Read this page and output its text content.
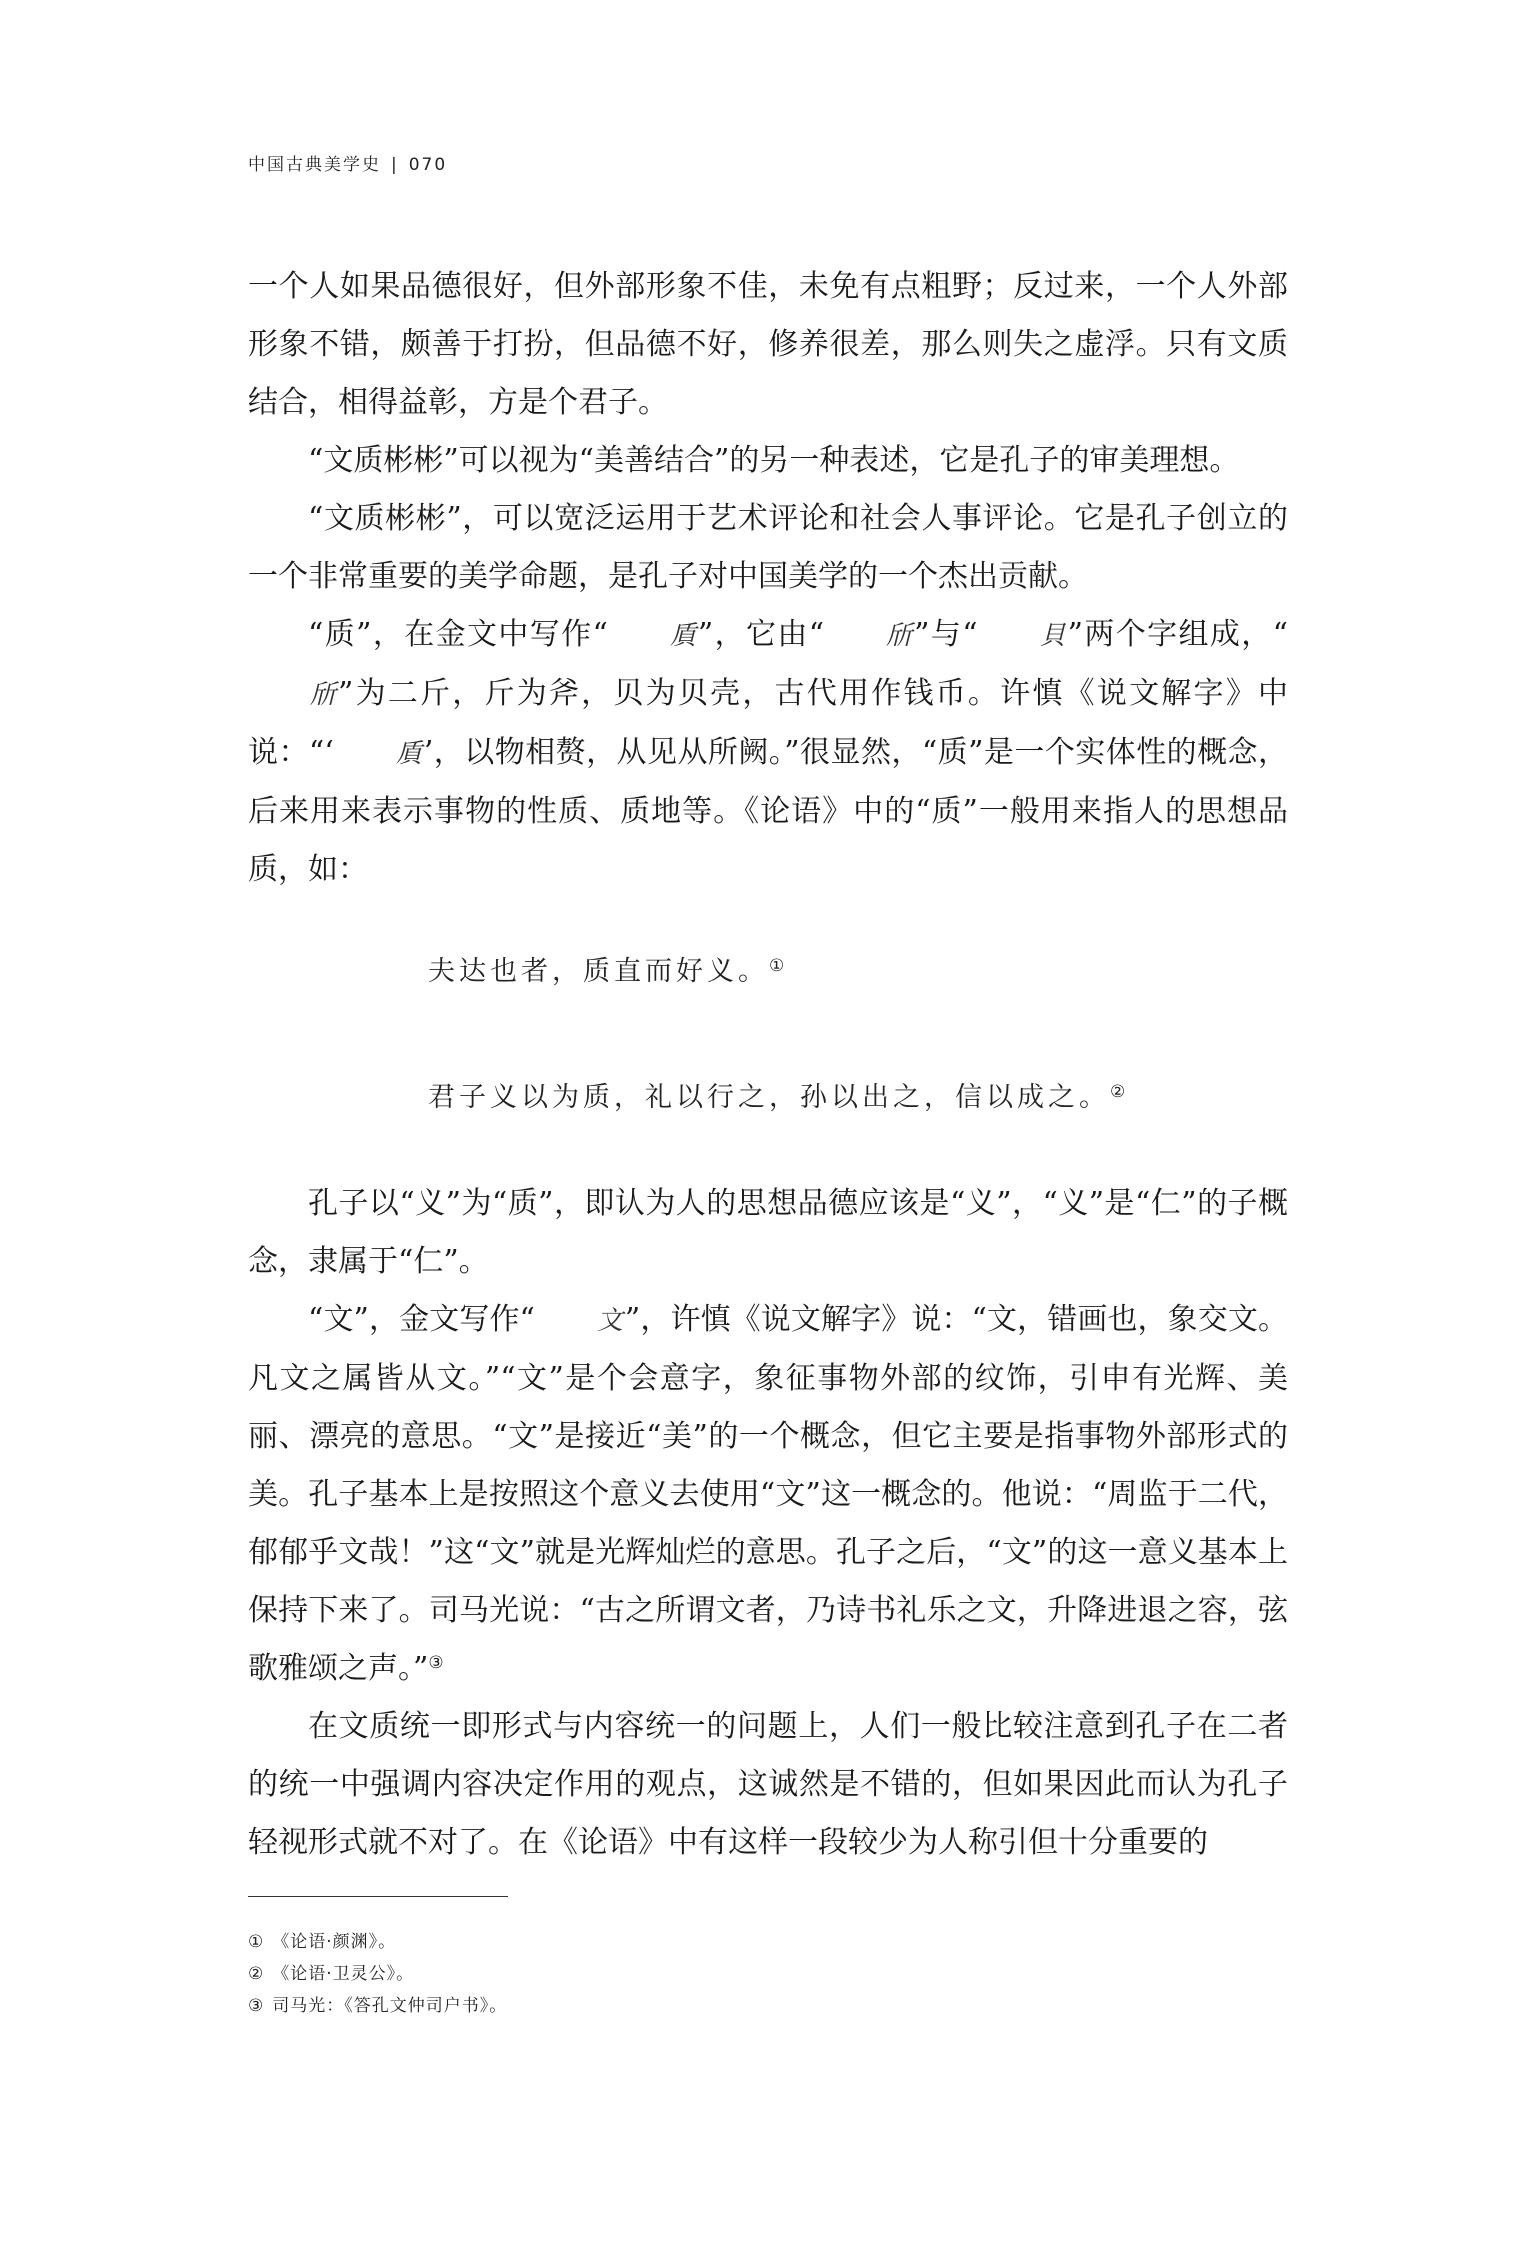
中国古典美学史 | 070

一个人如果品德很好，但外部形象不佳，未免有点粗野；反过来，一个人外部形象不错，颇善于打扮，但品德不好，修养很差，那么则失之虚浮。只有文质结合，相得益彰，方是个君子。

“文质彬彬”可以视为“美善结合”的另一种表述，它是孔子的审美理想。

“文质彬彬”，可以宽泛运用于艺术评论和社会人事评论。它是孔子创立的一个非常重要的美学命题，是孔子对中国美学的一个杰出贡献。

“质”，在金文中写作“ 貭”，它由“ 斦”与“ 貝”两个字组成，“斦”为二斤，斤为斧，贝为贝壳，古代用作钱币。许慎《说文解字》中说：“‘ 貭’，以物相赘，从见从所阙。”很显然，“质”是一个实体性的概念，后来用来表示事物的性质、质地等。《论语》中的“质”一般用来指人的思想品质，如：

夫达也者，质直而好义。①

君子义以为质，礼以行之，孙以出之，信以成之。②

孔子以“义”为“质”，即认为人的思想品德应该是“义”，“义”是“仁”的子概念，隶属于“仁”。

“文”，金文写作“ 文”，许慎《说文解字》说：“文，错画也，象交文。凡文之属皆从文。”“文”是个会意字，象征事物外部的纹饰，引申有光辉、美丽、漂亮的意思。“文”是接近“美”的一个概念，但它主要是指事物外部形式的美。孔子基本上是按照这个意义去使用“文”这一概念的。他说：“周监于二代，郁郁乎文哉！”这“文”就是光辉灿烂的意思。孔子之后，“文”的这一意义基本上保持下来了。司马光说：“古之所谓文者，乃诗书礼乐之文，升降进退之容，弦歌雅颂之声。”③

在文质统一即形式与内容统一的问题上，人们一般比较注意到孔子在二者的统一中强调内容决定作用的观点，这诚然是不错的，但如果因此而认为孔子轻视形式就不对了。在《论语》中有这样一段较少为人称引但十分重要的

① 《论语·颜渊》。
② 《论语·卫灵公》。
③ 司马光：《答孔文仲司户书》。
